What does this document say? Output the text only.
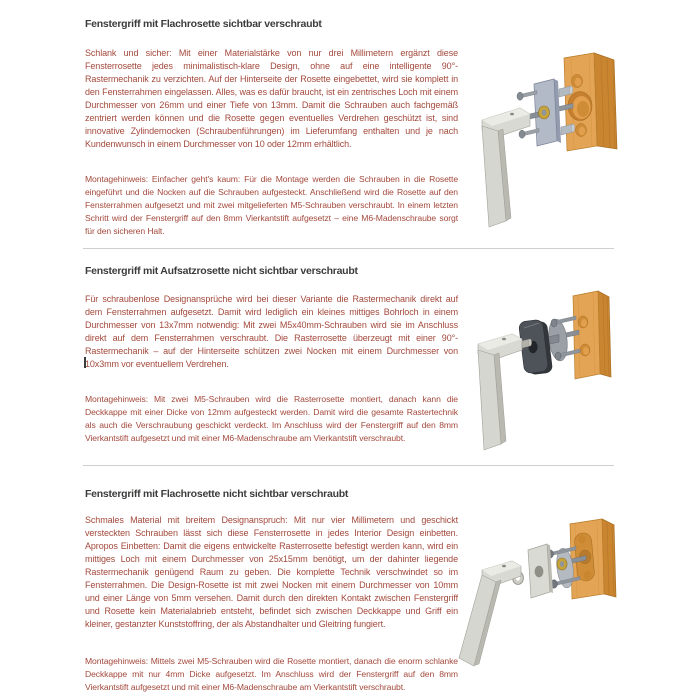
Fenstergriff mit Flachrosette sichtbar verschraubt
Schlank und sicher: Mit einer Materialstärke von nur drei Millimetern ergänzt diese Fensterrosette jedes minimalistisch-klare Design, ohne auf eine intelligente 90°-Rastermechanik zu verzichten. Auf der Hinterseite der Rosette eingebettet, wird sie komplett in den Fensterrahmen eingelassen. Alles, was es dafür braucht, ist ein zentrisches Loch mit einem Durchmesser von 26mm und einer Tiefe von 13mm. Damit die Schrauben auch fachgemäß zentriert werden können und die Rosette gegen eventuelles Verdrehen geschützt ist, sind innovative Zylindernocken (Schraubenführungen) im Lieferumfang enthalten und je nach Kundenwunsch in einem Durchmesser von 10 oder 12mm erhältlich.
Montagehinweis: Einfacher geht's kaum: Für die Montage werden die Schrauben in die Rosette eingeführt und die Nocken auf die Schrauben aufgesteckt. Anschließend wird die Rosette auf den Fensterrahmen aufgesetzt und mit zwei mitgelieferten M5-Schrauben verschraubt. In einem letzten Schritt wird der Fenstergriff auf den 8mm Vierkantstift aufgesetzt – eine M6-Madenschraube sorgt für den sicheren Halt.
Fenstergriff mit Aufsatzrosette nicht sichtbar verschraubt
Für schraubenlose Designansprüche wird bei dieser Variante die Rastermechanik direkt auf dem Fensterrahmen aufgesetzt. Damit wird lediglich ein kleines mittiges Bohrloch in einem Durchmesser von 13x7mm notwendig: Mit zwei M5x40mm-Schrauben wird sie im Anschluss direkt auf dem Fensterrahmen verschraubt. Die Rasterrosette überzeugt mit einer 90°-Rastermechanik – auf der Hinterseite schützen zwei Nocken mit einem Durchmesser von 10x3mm vor eventuellem Verdrehen.
Montagehinweis: Mit zwei M5-Schrauben wird die Rasterrosette montiert, danach kann die Deckkappe mit einer Dicke von 12mm aufgesteckt werden. Damit wird die gesamte Rastertechnik als auch die Verschraubung geschickt verdeckt. Im Anschluss wird der Fenstergriff auf den 8mm Vierkantstift aufgesetzt und mit einer M6-Madenschraube am Vierkantstift verschraubt.
Fenstergriff mit Flachrosette nicht sichtbar verschraubt
Schmales Material mit breitem Designanspruch: Mit nur vier Millimetern und geschickt versteckten Schrauben lässt sich diese Fensterrosette in jedes Interior Design einbetten. Apropos Einbetten: Damit die eigens entwickelte Rasterrosette befestigt werden kann, wird ein mittiges Loch mit einem Durchmesser von 25x15mm benötigt, um der dahinter liegende Rastermechanik genügend Raum zu geben. Die komplette Technik verschwindet so im Fensterrahmen. Die Design-Rosette ist mit zwei Nocken mit einem Durchmesser von 10mm und einer Länge von 5mm versehen. Damit durch den direkten Kontakt zwischen Fenstergriff und Rosette kein Materialabrieb entsteht, befindet sich zwischen Deckkappe und Griff ein kleiner, gestanzter Kunststoffring, der als Abstandhalter und Gleitring fungiert.
Montagehinweis: Mittels zwei M5-Schrauben wird die Rosette montiert, danach die enorm schlanke Deckkappe mit nur 4mm Dicke aufgesetzt. Im Anschluss wird der Fenstergriff auf den 8mm Vierkantstift aufgesetzt und mit einer M6-Madenschraube am Vierkantstift verschraubt.
